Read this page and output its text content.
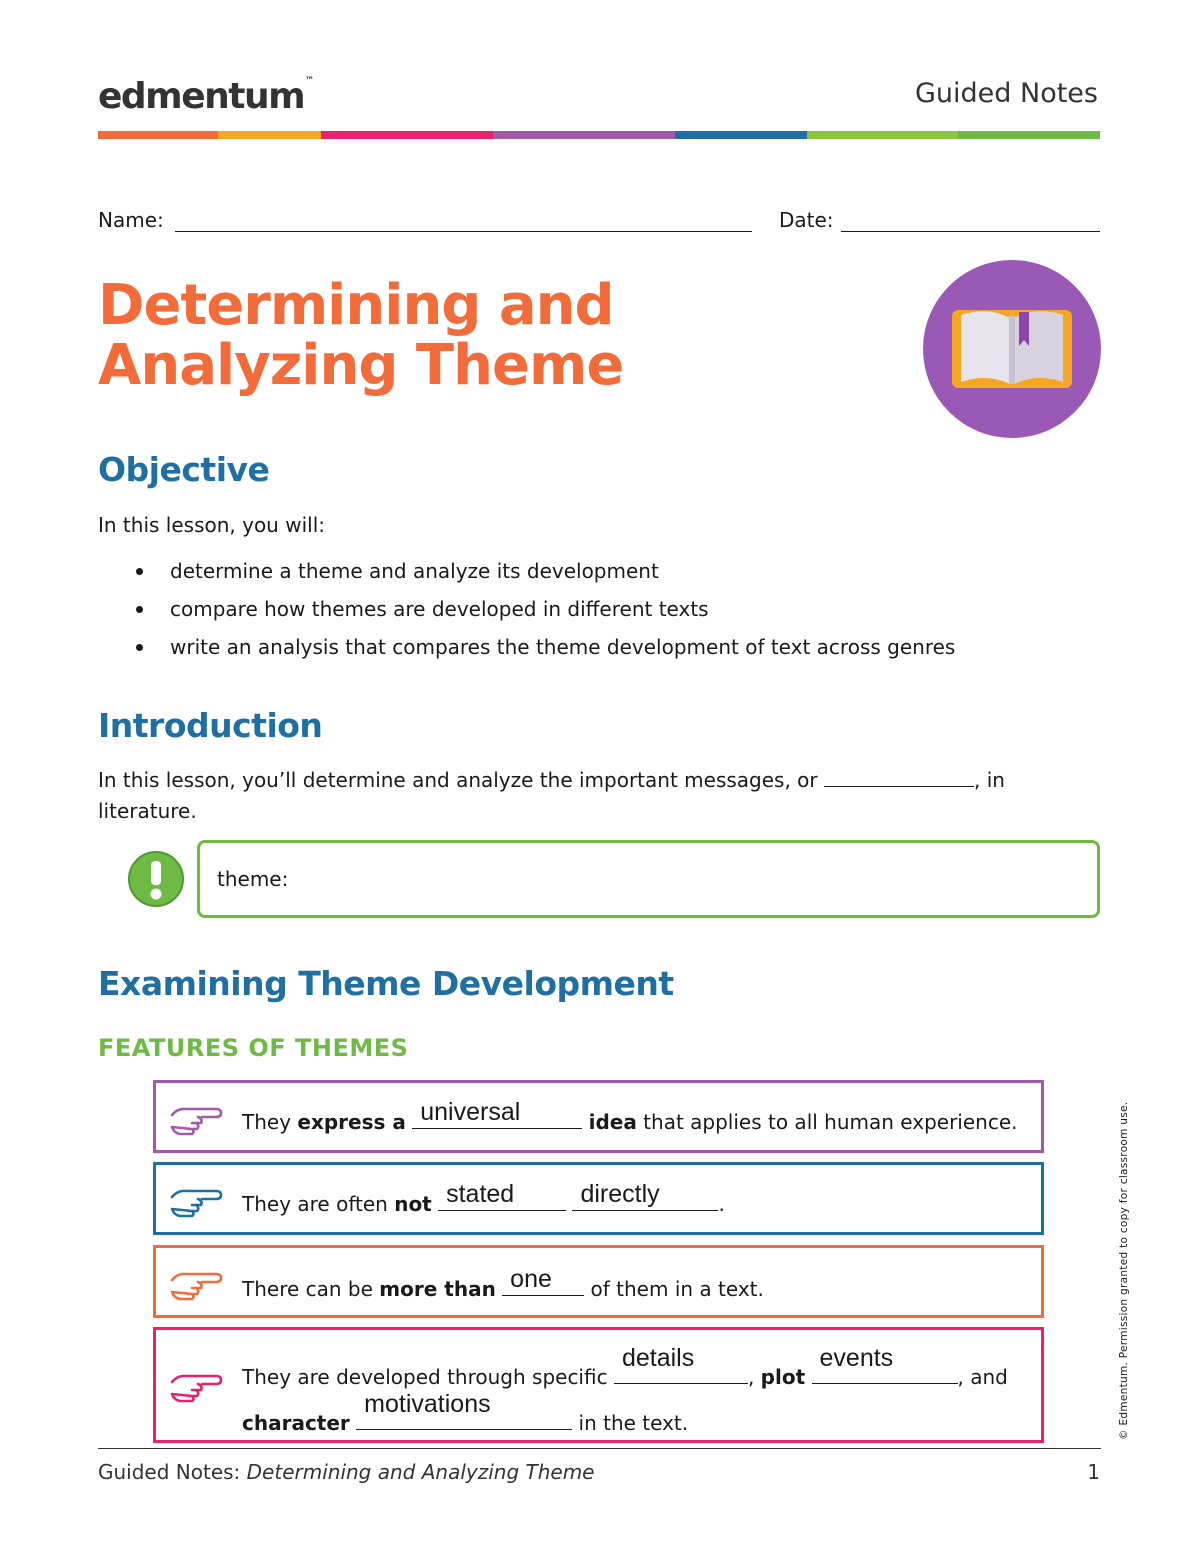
edmentum™	Guided Notes
Name:	Date:
Determining and Analyzing Theme
Objective
In this lesson, you will:
determine a theme and analyze its development
compare how themes are developed in different texts
write an analysis that compares the theme development of text across genres
Introduction
In this lesson, you’ll determine and analyze the important messages, or	, in literature.
theme:
Examining Theme Development
FEATURES OF THEMES
They express a universal	idea that applies to all human experience.
They are often not stated
	directly	.
There can be more than one of them in a text.
They are developed through specific
details
, plot
events
, and
character
motivations
in the text.	© Edmentum. Permission granted to copy for classroom use.
Guided Notes: Determining and Analyzing Theme	1
